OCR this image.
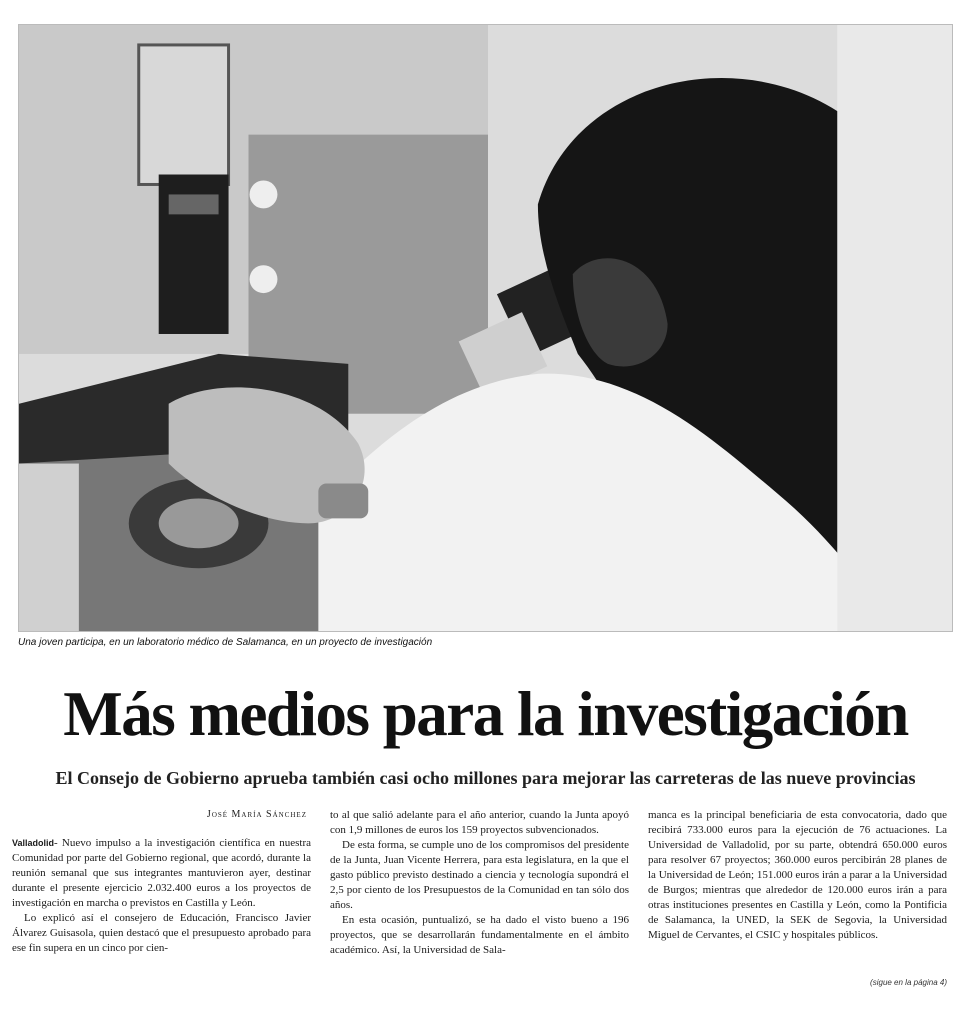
Una joven participa, en un laboratorio médico de Salamanca, en un proyecto de investigación
Más medios para la investigación
El Consejo de Gobierno aprueba también casi ocho millones para mejorar las carreteras de las nueve provincias
José María Sánchez

Valladolid- Nuevo impulso a la investigación científica en nuestra Comunidad por parte del Gobierno regional, que acordó, durante la reunión semanal que sus integrantes mantuvieron ayer, destinar durante el presente ejercicio 2.032.400 euros a los proyectos de investigación en marcha o previstos en Castilla y León.

Lo explicó así el consejero de Educación, Francisco Javier Álvarez Guisasola, quien destacó que el presupuesto aprobado para ese fin supera en un cinco por cien-

to al que salió adelante para el año anterior, cuando la Junta apoyó con 1,9 millones de euros los 159 proyectos subvencionados.

De esta forma, se cumple uno de los compromisos del presidente de la Junta, Juan Vicente Herrera, para esta legislatura, en la que el gasto público previsto destinado a ciencia y tecnología supondrá el 2,5 por ciento de los Presupuestos de la Comunidad en tan sólo dos años.

En esta ocasión, puntualizó, se ha dado el visto bueno a 196 proyectos, que se desarrollarán fundamentalmente en el ámbito académico. Así, la Universidad de Sala-

manca es la principal beneficiaria de esta convocatoria, dado que recibirá 733.000 euros para la ejecución de 76 actuaciones. La Universidad de Valladolid, por su parte, obtendrá 650.000 euros para resolver 67 proyectos; 360.000 euros percibirán 28 planes de la Universidad de León; 151.000 euros irán a parar a la Universidad de Burgos; mientras que alrededor de 120.000 euros irán a para otras instituciones presentes en Castilla y León, como la Pontificia de Salamanca, la UNED, la SEK de Segovia, la Universidad Miguel de Cervantes, el CSIC y hospitales públicos.

(sigue en la página 4)
